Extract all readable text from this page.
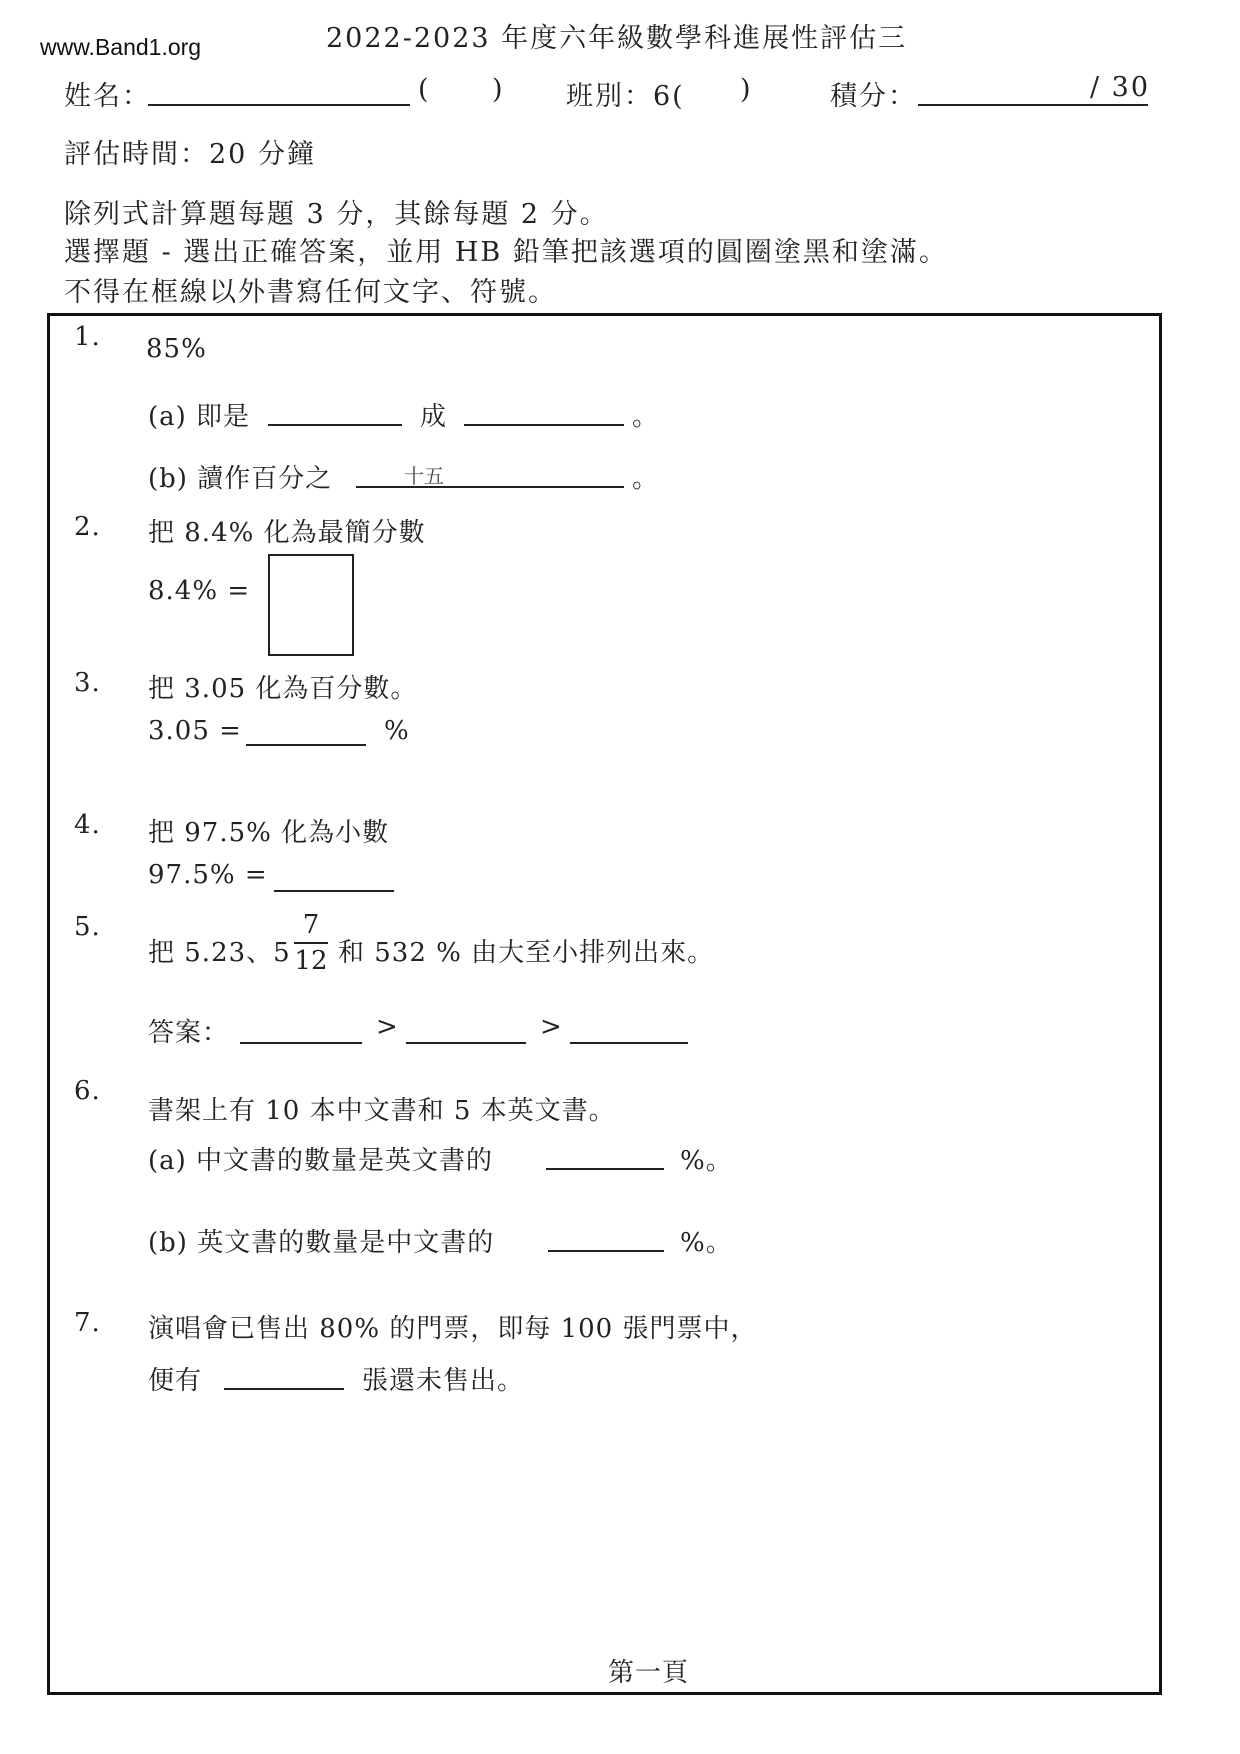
www.Band1.org	2022-2023 年度六年級數學科進展性評估三
姓名：	( ) 班別：6( )	積分：	/ 30
評估時間：20 分鐘
除列式計算題每題 3 分，其餘每題 2 分。
選擇題 - 選出正確答案，並用 HB 鉛筆把該選項的圓圈塗黑和塗滿。
不得在框線以外書寫任何文字、符號。
1. 85%
(a) 即是	成	。
(b) 讀作百分之	十五	。
2. 把 8.4% 化為最簡分數
8.4% =
3. 把 3.05 化為百分數。
3.05 =	%
4. 把 97.5% 化為小數
97.5% =
5.
把 5.23、5
7
12 和 532 % 由大至小排列出來。
答案：	>	>
6.
書架上有 10 本中文書和 5 本英文書。
(a) 中文書的數量是英文書的	%。
(b) 英文書的數量是中文書的	%。
7. 演唱會已售出 80% 的門票，即每 100 張門票中，
便有	張還未售出。
第一頁
